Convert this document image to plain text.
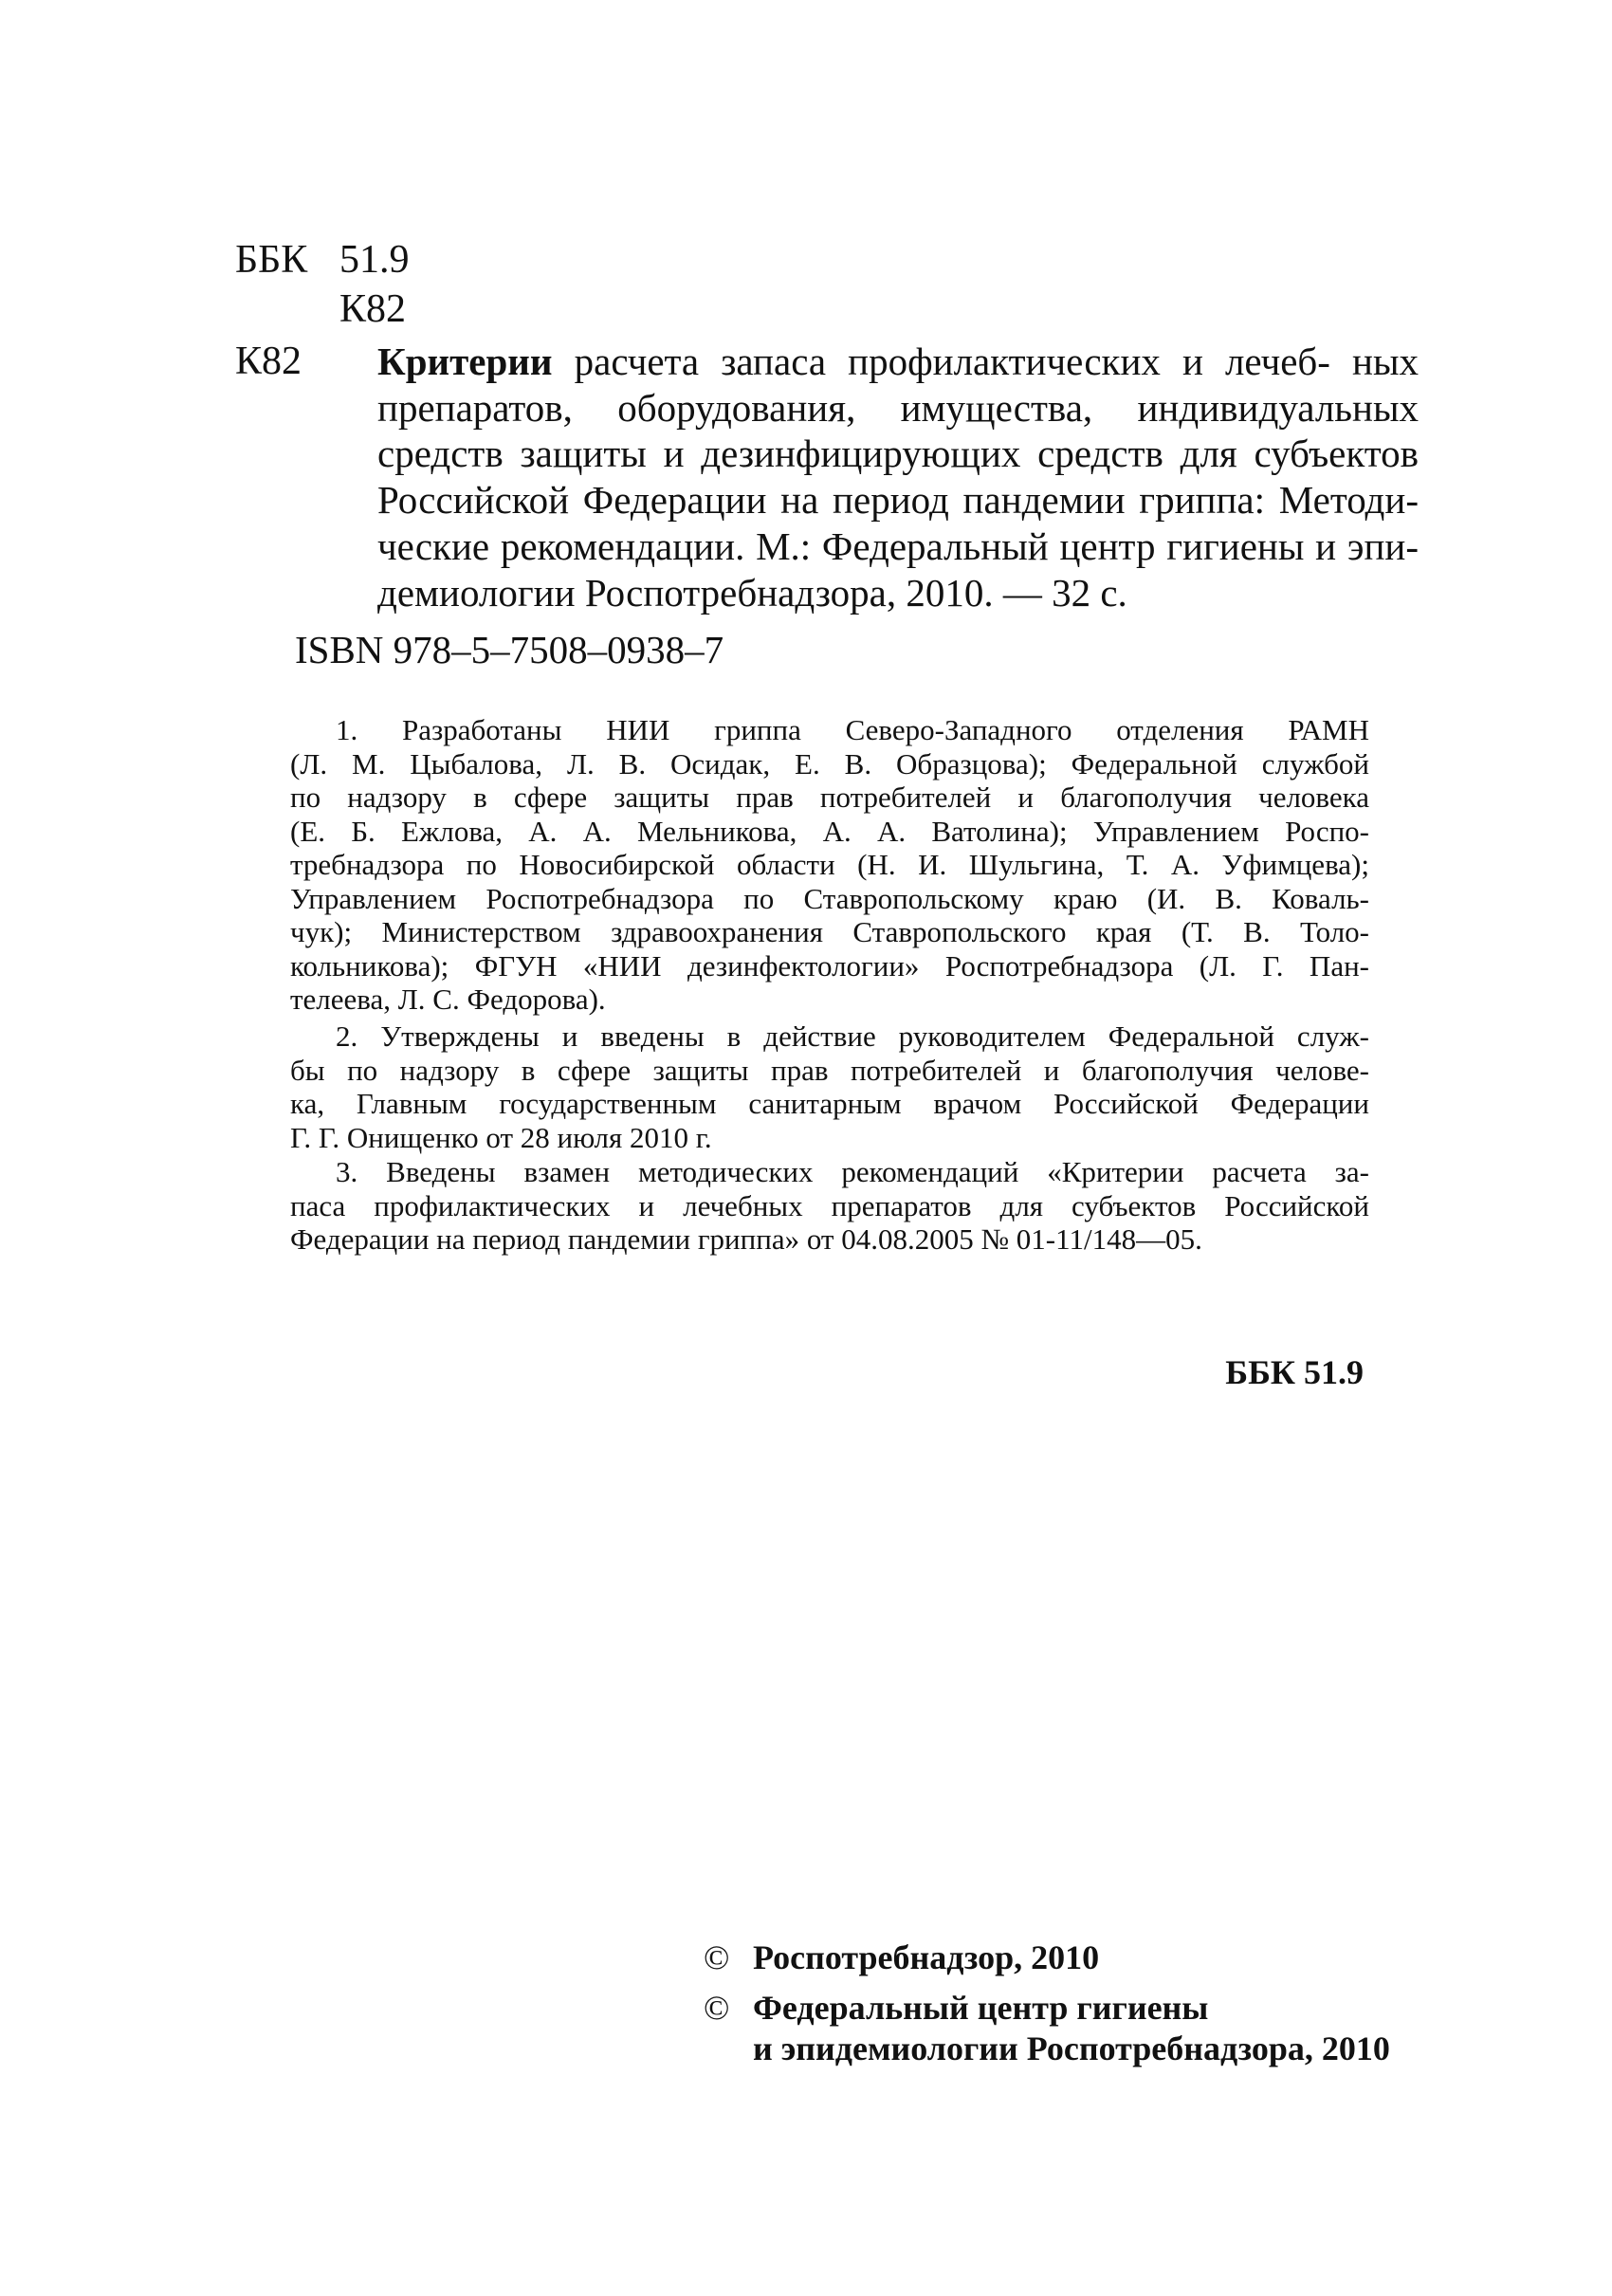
ББК 51.9
К82
К82 Критерии расчета запаса профилактических и лечеб- ных препаратов, оборудования, имущества, индивидуальных средств защиты и дезинфицирующих средств для субъектов Российской Федерации на период пандемии гриппа: Методи- ческие рекомендации. М.: Федеральный центр гигиены и эпи- демиологии Роспотребнадзора, 2010. — 32 с.
ISBN 978–5–7508–0938–7
1. Разработаны НИИ гриппа Северо-Западного отделения РАМН
(Л. М. Цыбалова, Л. В. Осидак, Е. В. Образцова); Федеральной службой
по надзору в сфере защиты прав потребителей и благополучия человека
(Е. Б. Ежлова, А. А. Мельникова, А. А. Ватолина); Управлением Роспо-
требнадзора по Новосибирской области (Н. И. Шульгина, Т. А. Уфимцева);
Управлением Роспотребнадзора по Ставропольскому краю (И. В. Коваль-
чук); Министерством здравоохранения Ставропольского края (Т. В. Толо-
кольникова); ФГУН «НИИ дезинфектологии» Роспотребнадзора (Л. Г. Пан-
телеева, Л. С. Федорова).
2. Утверждены и введены в действие руководителем Федеральной служ-
бы по надзору в сфере защиты прав потребителей и благополучия челове-
ка, Главным государственным санитарным врачом Российской Федерации
Г. Г. Онищенко от 28 июля 2010 г.
3. Введены взамен методических рекомендаций «Критерии расчета за-
паса профилактических и лечебных препаратов для субъектов Российской
Федерации на период пандемии гриппа» от 04.08.2005 № 01-11/148—05.
ББК 51.9
© Роспотребнадзор, 2010
© Федеральный центр гигиены
и эпидемиологии Роспотребнадзора, 2010
